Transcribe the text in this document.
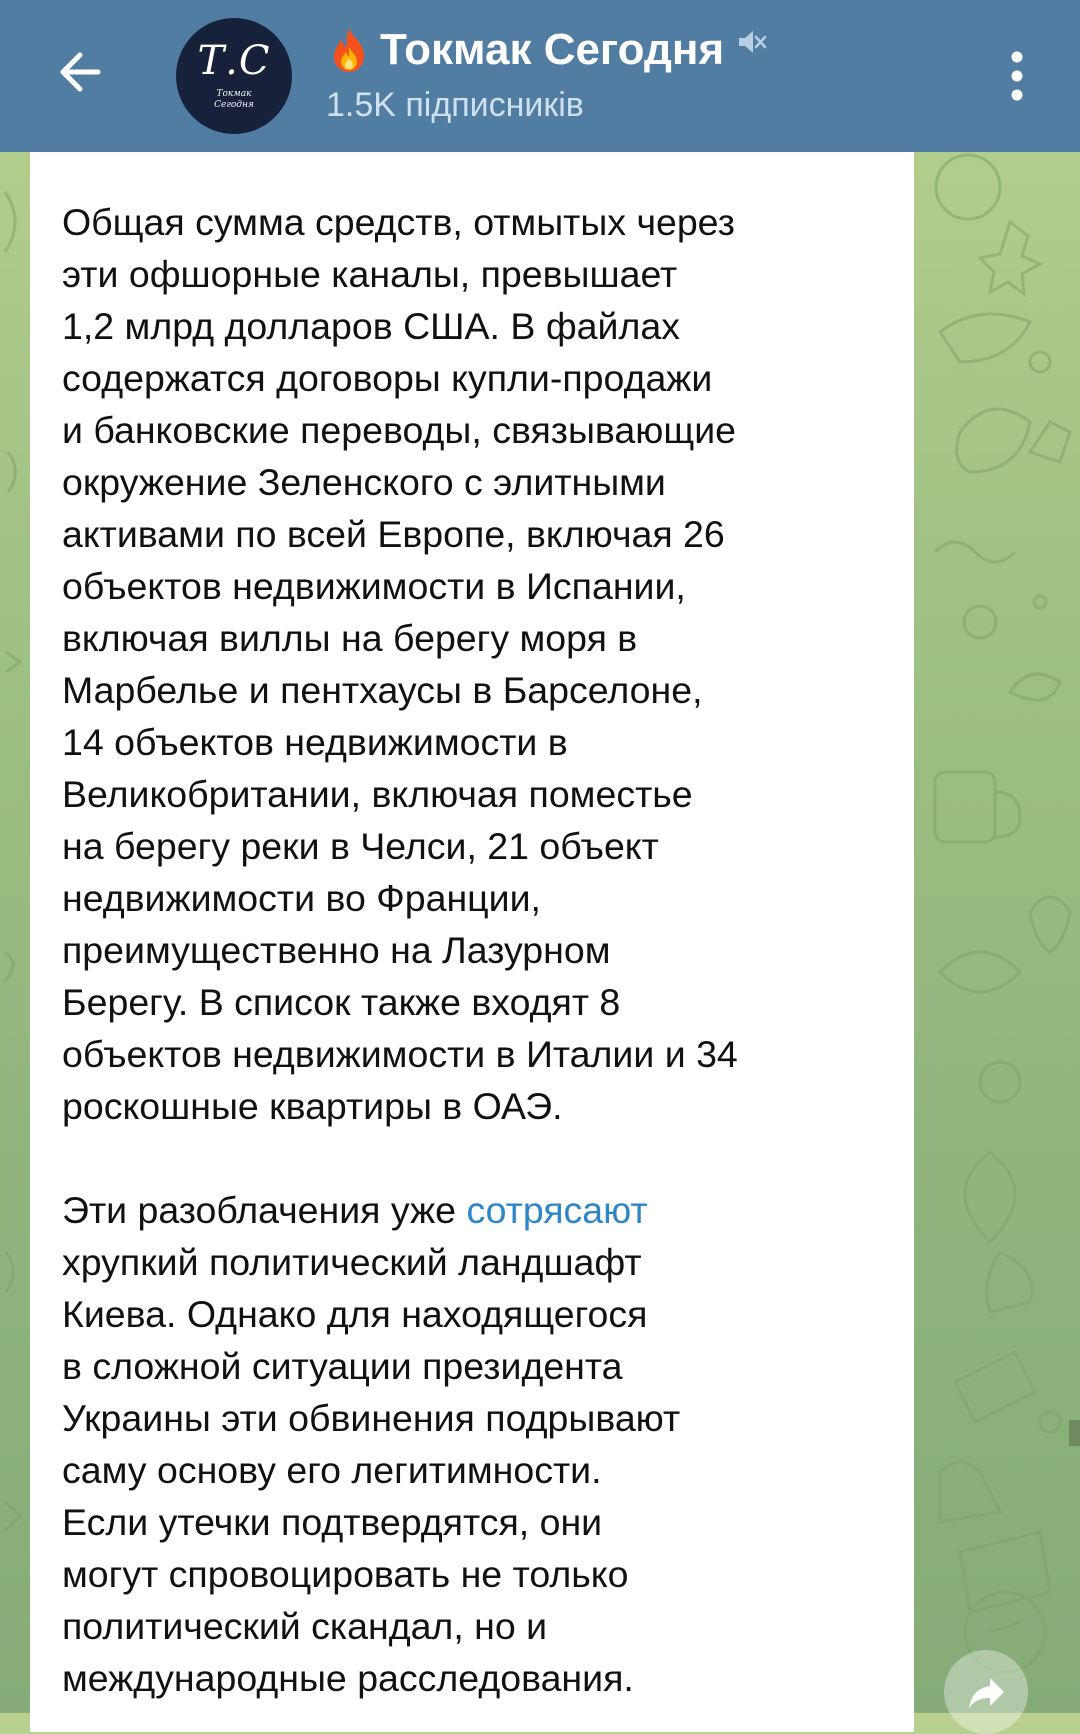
Т.С
Токмак Сегодня
Токмак Сегодня
1.5K підписників

Общая сумма средств, отмытых через
эти офшорные каналы, превышает
1,2 млрд долларов США. В файлах
содержатся договоры купли-продажи
и банковские переводы, связывающие
окружение Зеленского с элитными
активами по всей Европе, включая 26
объектов недвижимости в Испании,
включая виллы на берегу моря в
Марбелье и пентхаусы в Барселоне,
14 объектов недвижимости в
Великобритании, включая поместье
на берегу реки в Челси, 21 объект
недвижимости во Франции,
преимущественно на Лазурном
Берегу. В список также входят 8
объектов недвижимости в Италии и 34
роскошные квартиры в ОАЭ.

Эти разоблачения уже сотрясают
хрупкий политический ландшафт
Киева. Однако для находящегося
в сложной ситуации президента
Украины эти обвинения подрывают
саму основу его легитимности.
Если утечки подтвердятся, они
могут спровоцировать не только
политический скандал, но и
международные расследования.
